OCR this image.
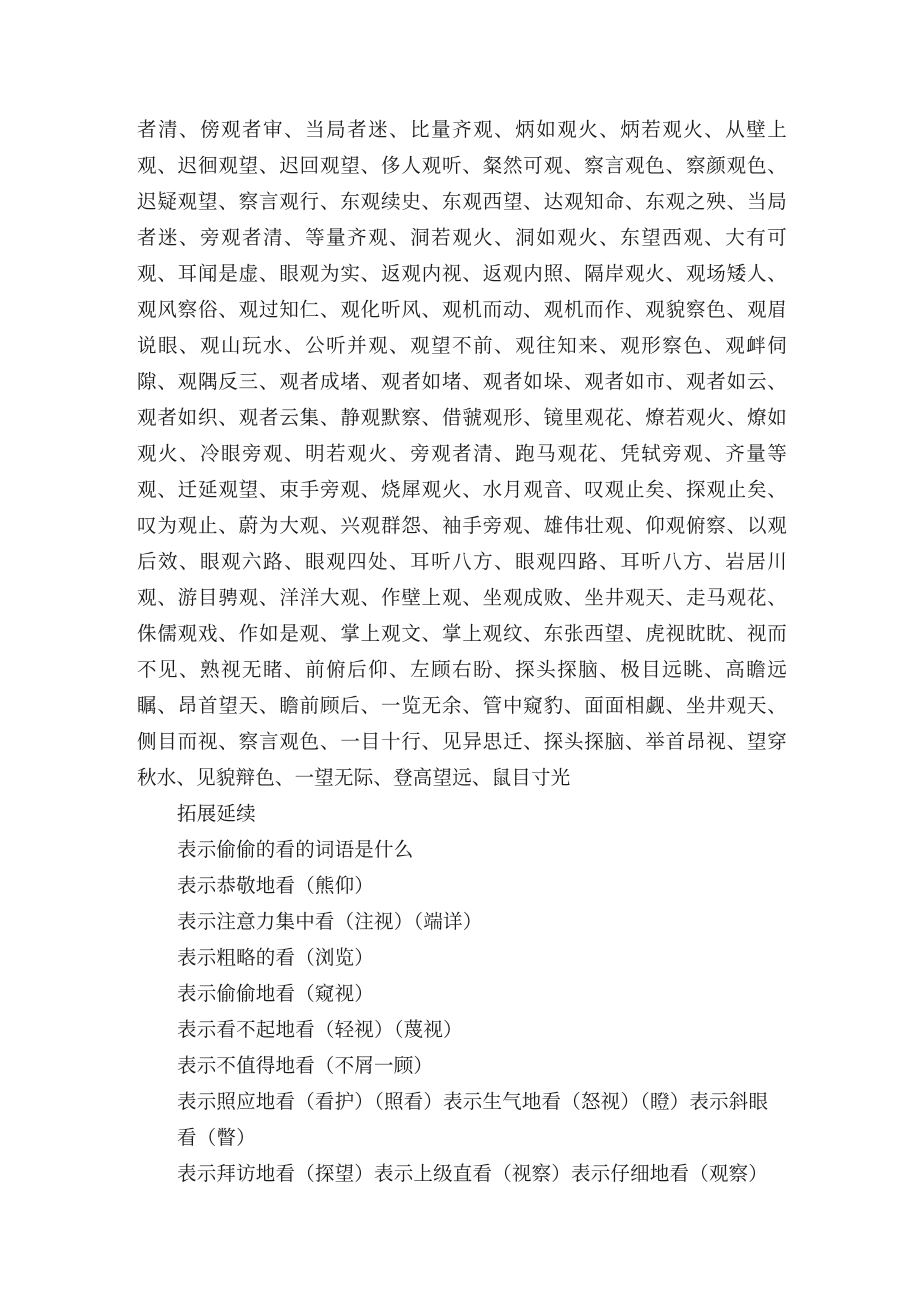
者清、傍观者审、当局者迷、比量齐观、炳如观火、炳若观火、从壁上观、迟徊观望、迟回观望、侈人观听、粲然可观、察言观色、察颜观色、迟疑观望、察言观行、东观续史、东观西望、达观知命、东观之殃、当局者迷、旁观者清、等量齐观、洞若观火、洞如观火、东望西观、大有可观、耳闻是虚、眼观为实、返观内视、返观内照、隔岸观火、观场矮人、观风察俗、观过知仁、观化听风、观机而动、观机而作、观貌察色、观眉说眼、观山玩水、公听并观、观望不前、观往知来、观形察色、观衅伺隙、观隅反三、观者成堵、观者如堵、观者如垛、观者如市、观者如云、观者如织、观者云集、静观默察、借虢观形、镜里观花、燎若观火、燎如观火、冷眼旁观、明若观火、旁观者清、跑马观花、凭轼旁观、齐量等观、迁延观望、束手旁观、烧犀观火、水月观音、叹观止矣、探观止矣、叹为观止、蔚为大观、兴观群怨、袖手旁观、雄伟壮观、仰观俯察、以观后效、眼观六路、眼观四处、耳听八方、眼观四路、耳听八方、岩居川观、游目骋观、洋洋大观、作壁上观、坐观成败、坐井观天、走马观花、侏儒观戏、作如是观、掌上观文、掌上观纹、东张西望、虎视眈眈、视而不见、熟视无睹、前俯后仰、左顾右盼、探头探脑、极目远眺、高瞻远瞩、昂首望天、瞻前顾后、一览无余、管中窥豹、面面相觑、坐井观天、侧目而视、察言观色、一目十行、见异思迁、探头探脑、举首昂视、望穿秋水、见貌辩色、一望无际、登高望远、鼠目寸光

拓展延续

表示偷偷的看的词语是什么

表示恭敬地看（熊仰）

表示注意力集中看（注视）（端详）

表示粗略的看（浏览）

表示偷偷地看（窥视）

表示看不起地看（轻视）（蔑视）

表示不值得地看（不屑一顾）

表示照应地看（看护）（照看）表示生气地看（怒视）（瞪）表示斜眼看（瞥）

表示拜访地看（探望）表示上级直看（视察）表示仔细地看（观察）
